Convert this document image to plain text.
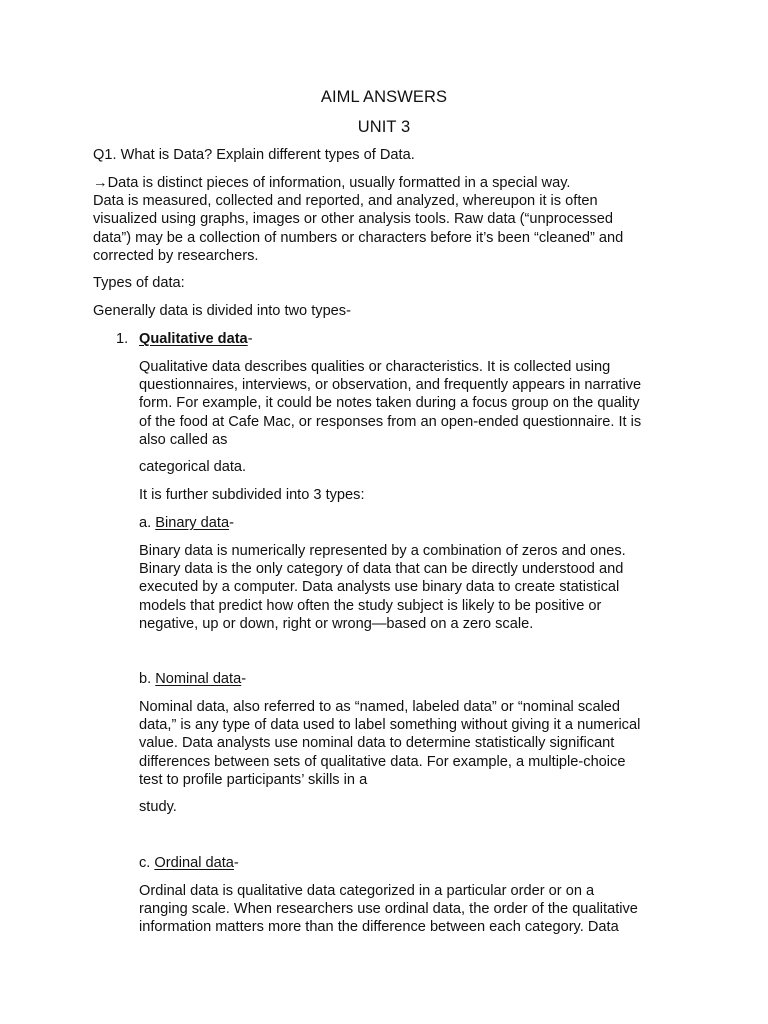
AIML ANSWERS
UNIT 3

Q1. What is Data? Explain different types of Data.

→Data is distinct pieces of information, usually formatted in a special way.
Data is measured, collected and reported, and analyzed, whereupon it is often
visualized using graphs, images or other analysis tools. Raw data (“unprocessed
data”) may be a collection of numbers or characters before it’s been “cleaned” and
corrected by researchers.

Types of data:

Generally data is divided into two types-

1. Qualitative data-

Qualitative data describes qualities or characteristics. It is collected using
questionnaires, interviews, or observation, and frequently appears in narrative
form. For example, it could be notes taken during a focus group on the quality
of the food at Cafe Mac, or responses from an open-ended questionnaire. It is
also called as

categorical data.

It is further subdivided into 3 types:

a. Binary data-

Binary data is numerically represented by a combination of zeros and ones.
Binary data is the only category of data that can be directly understood and
executed by a computer. Data analysts use binary data to create statistical
models that predict how often the study subject is likely to be positive or
negative, up or down, right or wrong—based on a zero scale.

b. Nominal data-

Nominal data, also referred to as “named, labeled data” or “nominal scaled
data,” is any type of data used to label something without giving it a numerical
value. Data analysts use nominal data to determine statistically significant
differences between sets of qualitative data. For example, a multiple-choice
test to profile participants’ skills in a

study.

c. Ordinal data-

Ordinal data is qualitative data categorized in a particular order or on a
ranging scale. When researchers use ordinal data, the order of the qualitative
information matters more than the difference between each category. Data
